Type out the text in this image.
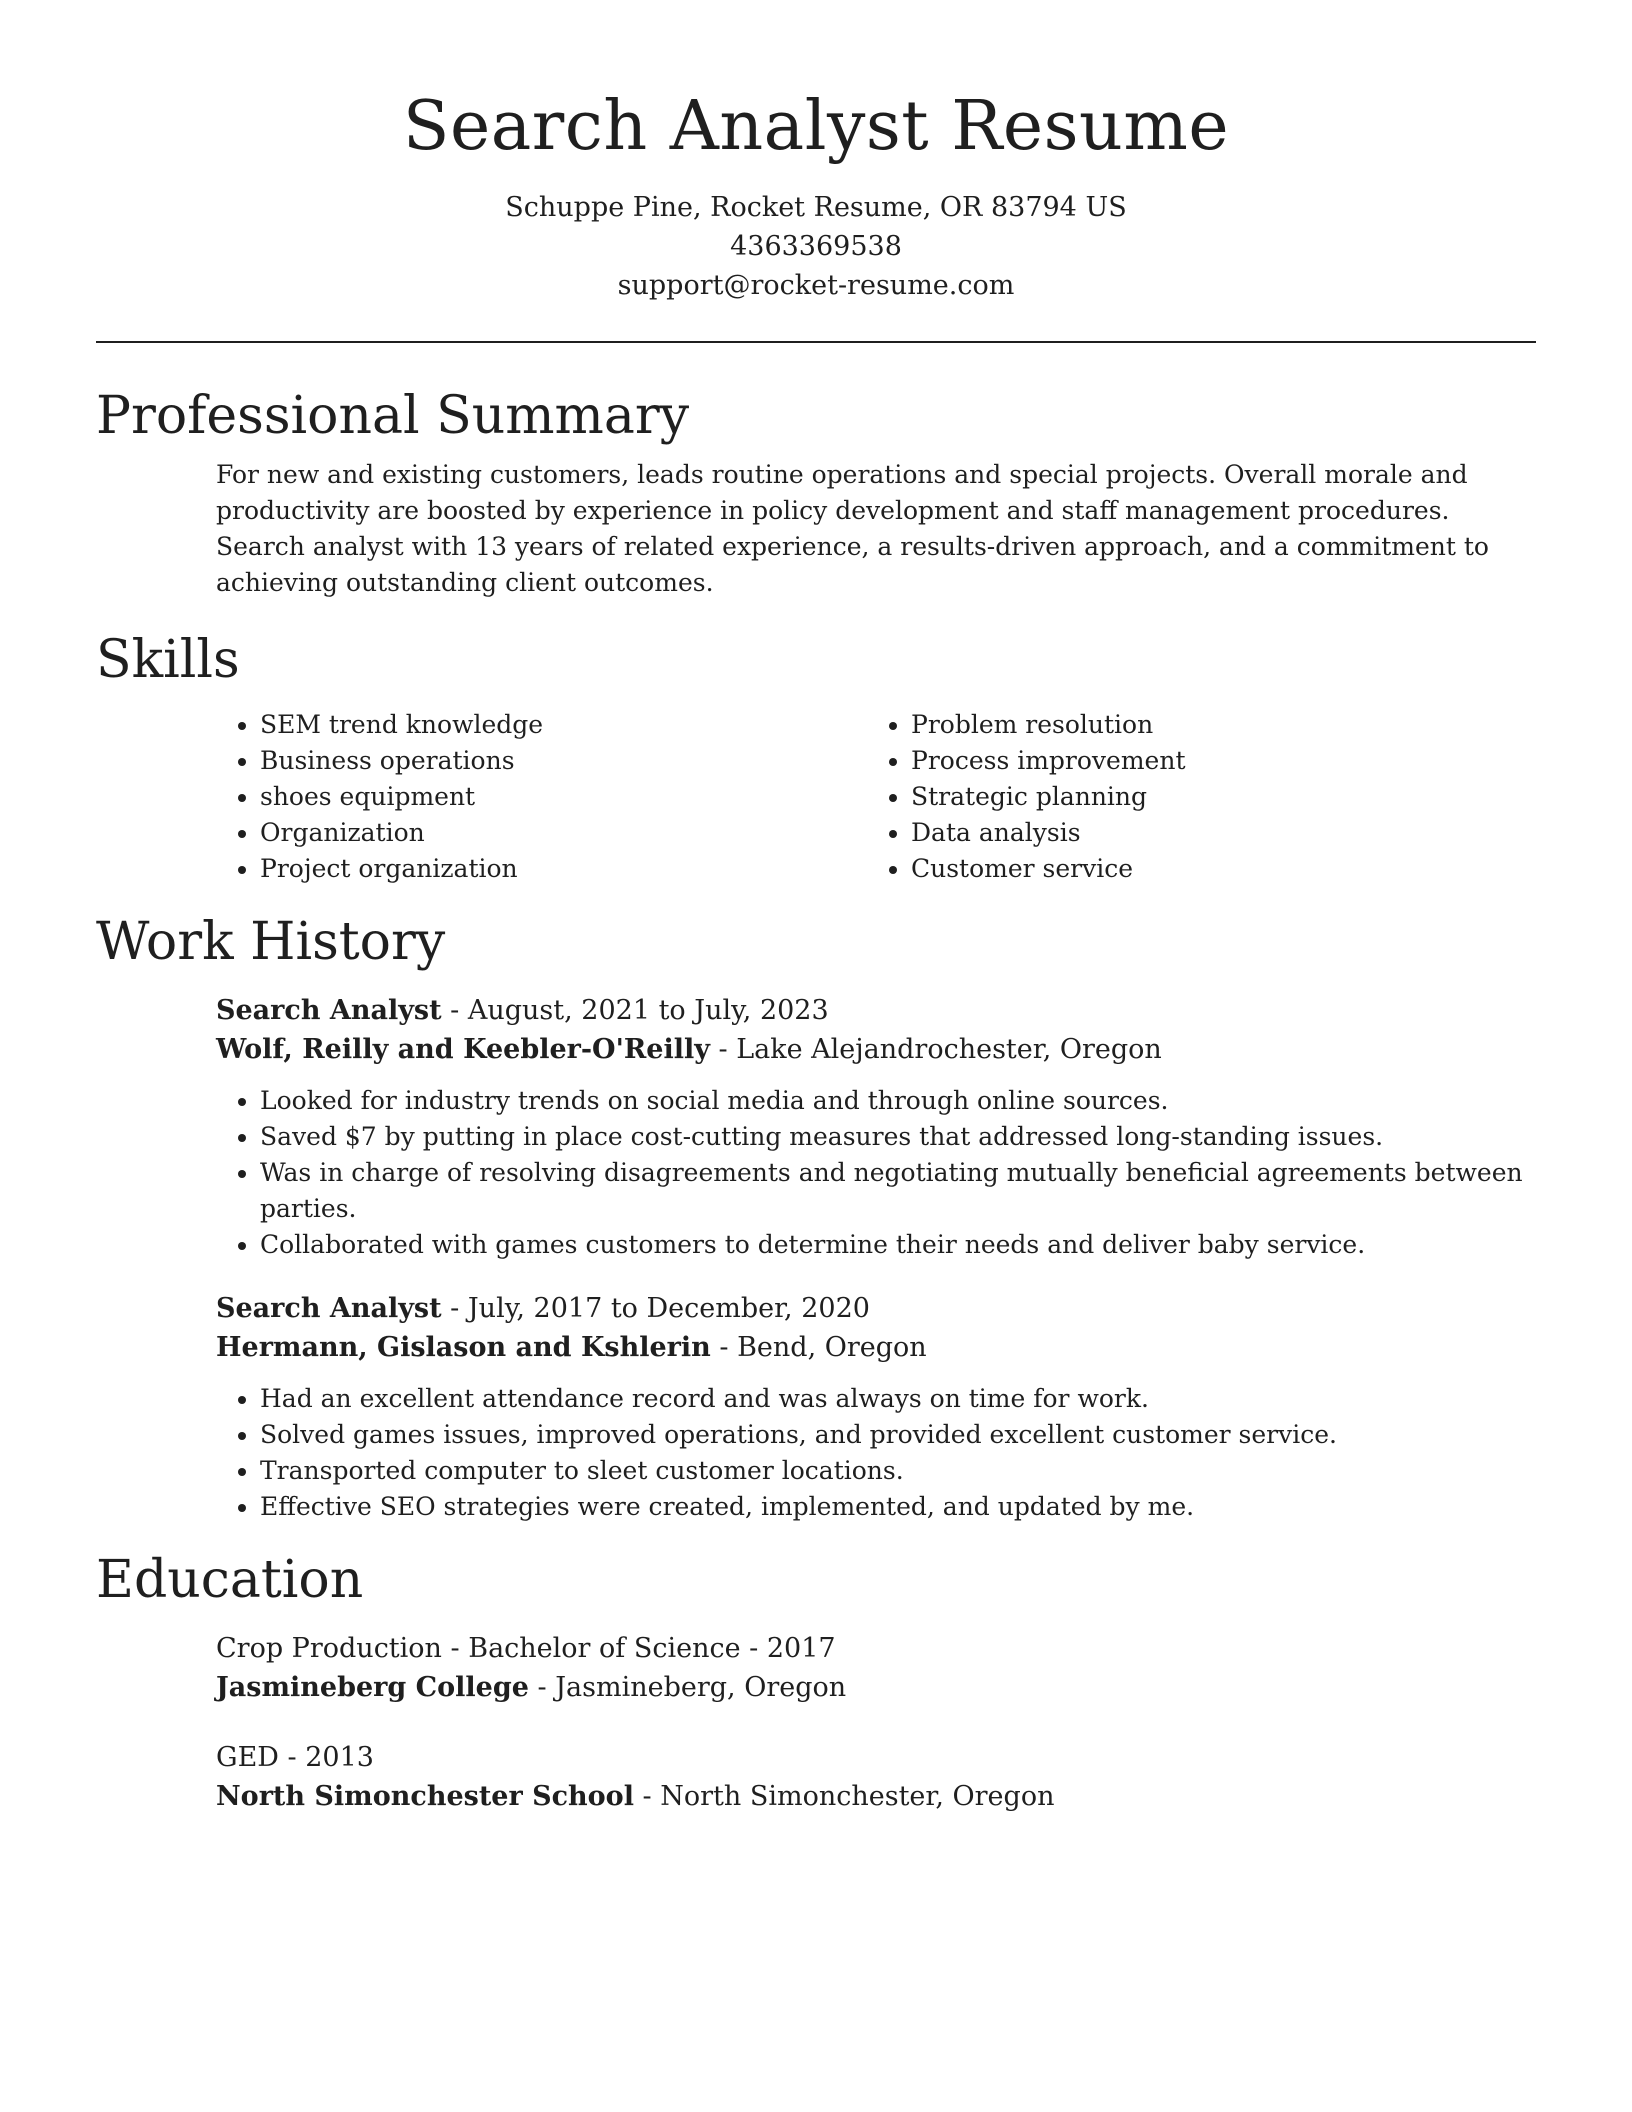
Search Analyst Resume
Schuppe Pine, Rocket Resume, OR 83794 US
4363369538
support@rocket-resume.com
Professional Summary

For new and existing customers, leads routine operations and special projects. Overall morale and productivity are boosted by experience in policy development and staff management procedures. Search analyst with 13 years of related experience, a results-driven approach, and a commitment to achieving outstanding client outcomes.

Skills
• SEM trend knowledge
• Business operations
• shoes equipment
• Organization
• Project organization
• Problem resolution
• Process improvement
• Strategic planning
• Data analysis
• Customer service
Work History
Search Analyst - August, 2021 to July, 2023
Wolf, Reilly and Keebler-O'Reilly - Lake Alejandrochester, Oregon
• Looked for industry trends on social media and through online sources.
• Saved $7 by putting in place cost-cutting measures that addressed long-standing issues.
• Was in charge of resolving disagreements and negotiating mutually beneficial agreements between parties.
• Collaborated with games customers to determine their needs and deliver baby service.
Search Analyst - July, 2017 to December, 2020
Hermann, Gislason and Kshlerin - Bend, Oregon
• Had an excellent attendance record and was always on time for work.
• Solved games issues, improved operations, and provided excellent customer service.
• Transported computer to sleet customer locations.
• Effective SEO strategies were created, implemented, and updated by me.
Education
Crop Production - Bachelor of Science - 2017
Jasmineberg College - Jasmineberg, Oregon
GED - 2013
North Simonchester School - North Simonchester, Oregon
